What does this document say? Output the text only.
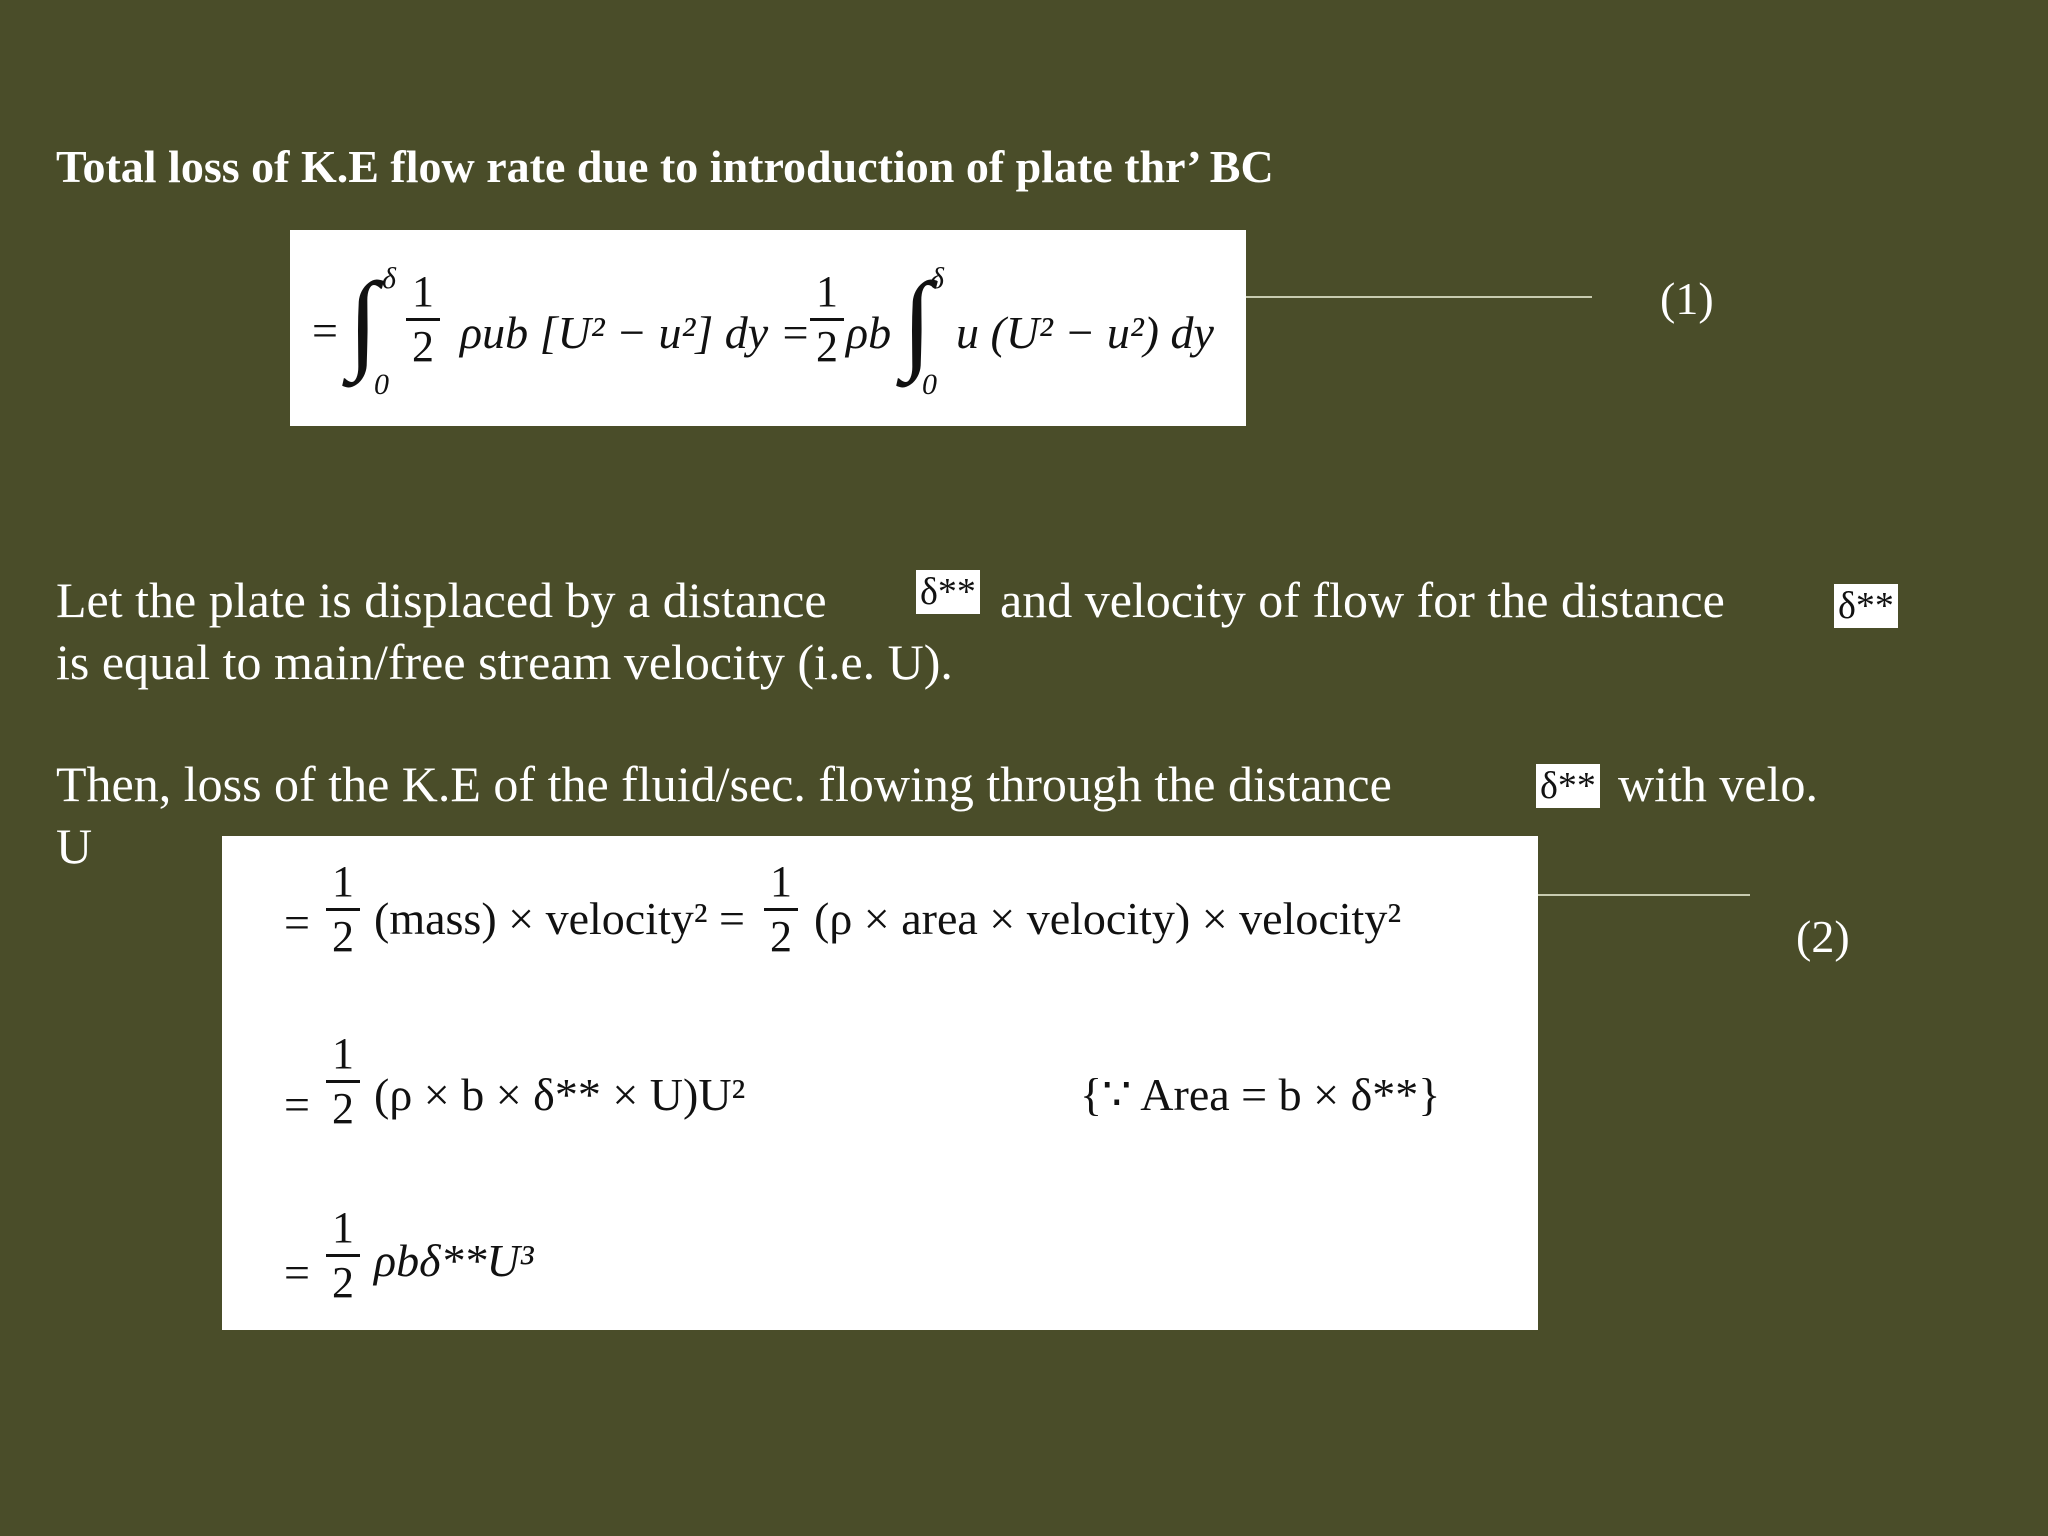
Total loss of K.E flow rate due to introduction of plate thr’ BC
= ∫ δ
0
1
2 ρub [U² − u²] dy =
1
2 ρb ∫
δ
0
u (U² − u²) dy
(1)
Let the plate is displaced by a distance δ** and velocity of flow for the distance	δ**
is equal to main/free stream velocity (i.e. U).
Then, loss of the K.E of the fluid/sec. flowing through the distance	δ** with velo.
U
=
1
2 (mass) × velocity² =
1
2 (ρ × area × velocity) × velocity²
=
1
2 (ρ × b × δ** × U)U²	{∵ Area = b × δ**}
=
1
2 ρbδ**U³
(2)
